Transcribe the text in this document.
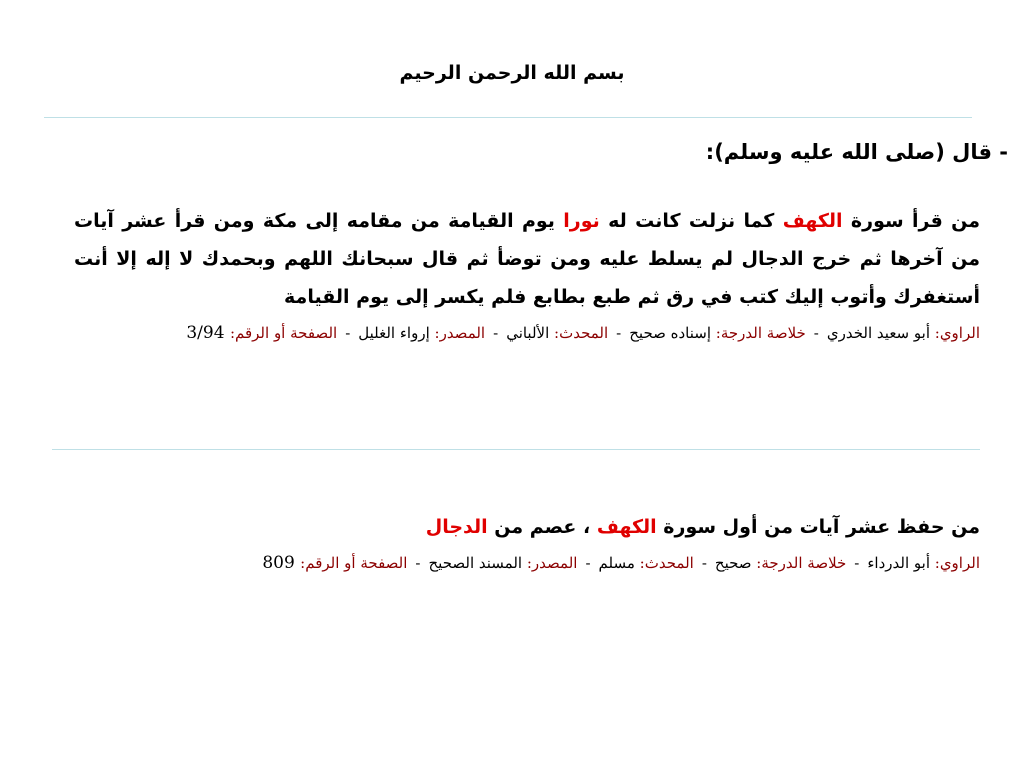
بسم الله الرحمن الرحيم
- قال (صلى الله عليه وسلم):

من قرأ سورة الكهف كما نزلت كانت له نورا يوم القيامة من مقامه إلى مكة ومن قرأ عشر آيات من آخرها ثم خرج الدجال لم يسلط عليه ومن توضأ ثم قال سبحانك اللهم وبحمدك لا إله إلا أنت أستغفرك وأتوب إليك كتب في رق ثم طبع بطابع فلم يكسر إلى يوم القيامة

الراوي: أبو سعيد الخدري-خلاصة الدرجة: إسناده صحيح-المحدث: الألباني-المصدر: إرواء الغليل-الصفحة أو الرقم: 3/94

من حفظ عشر آيات من أول سورة الكهف ، عصم من الدجال

الراوي: أبو الدرداء-خلاصة الدرجة: صحيح-المحدث: مسلم-المصدر: المسند الصحيح-الصفحة أو الرقم: 809
